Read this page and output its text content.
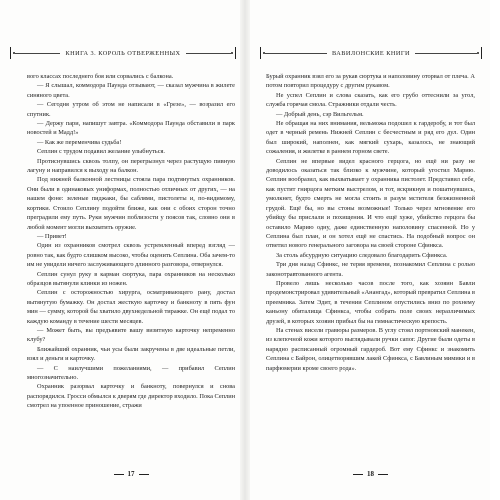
КНИГА 3. КОРОЛЬ ОТВЕРЖЕННЫХ

вого классах последнего боя или сорвались с балкона.

— Я слышал, коммодора Паунда отзывают, — сказал мужчина в жилете синяного цвета.

— Сегодня утром об этом не написали в «Грезе», — возразил его спутник.

— Держу пари, напишут завтра. «Коммодора Паунда обставили в парк новостей и Мадд!»

— Как же переменчива судьба!

Сеплин с трудом подавил желание улыбнуться.

Протиснувшись сквозь толпу, он перегрызнул через растущую пивную лагуну и направился к выходу на балкон.

Под нижней балконной лестницы стояла пара подтянутых охранников. Они были в одинаковых униформах, полностью отличных от других, — на нашем фоне: зеленые пиджаки, бы саблями, пистолеты и, по-видимому, кортики. Стоило Сеплину подойти ближе, как они с обоих сторон точно преградили ему путь. Руки мужчин поблизости у поясов так, словно они в любой момент могли выхватить оружие.

— Привет!

Один из охранников смотрел сквозь устремленный вперед взгляд — ровно так, как будто слишком высоко, чтобы оценить Сеплина. Оба зачем-то им не увидели ничего заслуживающего длинного разговора, отвернулся.

Сеплин сунул руку в карман сюртука, пара охранников на несколько образцов вытянули клинки из ножен.

Сеплин с осторожностью хирурга, осматривающего рану, достал вытянутую бумажку. Он достал жесткую карточку и банкноту в пять фун мин — сумму, которой бы хватило двухнедельной тиражке. Он ещё подал то каждую команду в течение шести месяцев.

— Может быть, вы предъявите вашу визитную карточку непременно клубу?

Ближайший охранник, чьи усы были закручены в две идеальные петли, взял и деньги и карточку.

— С наилучшими пожеланиями, — прибавил Сеплин многозначительно.

Охранник разорвал карточку и банкноту, повернулся и снова распорядился. Гросси обмылся к дверям где директор входило. Пока Сеплин смотрел на упоенное приношение, стражи

17
ВАВИЛОНСКИЕ КНИГИ

Бурый охранник взял его за рукав сюртука и наполовину оторвал от плеча. А потом повторил процедуру с другим рукавом.

Не успел Сеплин и слова сказать, как его грубо оттеснили за угол, служба горячая смола. Стражники отдали честь.

— Добрый день, сэр Вильгельм.

Не обращая на них внимания, вельможа подошел к гардеробу, и тот был одет в черный ремень Нижней Сеплин с бесчестным и ряд его дул. Один был широкий, наполнен, как мягкий сухарь, казалось, не знающий сожаления, и жилетке в раннем горном свете.

Сеплин не впервые видел красного герцога, но ещё ни разу не доводилось оказаться так близко к мужчине, который угостил Марию. Сеплин вообразил, как выхватывает у охранника пистолет. Представил себе, как пустит гнирцога метким выстрелом, и тот, вскрикнув и пошатнувшись, умолкнет, будто смерть не могла стоить в разум мстителя безжизненной грудой. Ещё бы, но вы стоны возможные! Только через мгновение его убийцу бы прислали и похищения. И что ещё хуже, убийство герцога бы оставило Марию одну, даже единственную наполовину спасенной. Но у Сеплина был план, и он хотел ещё не спастись. На подобный вопрос он ответил нового генерального заговора на своей стороне Сфинкса.

За столь абсурдную ситуацию следовало благодарить Сфинкса.

Три дня назад Сфинкс, не теряя времени, познакомил Сеплина с ролью законотравтованного агента.

Провело лишь несколько часов после того, как хозяин Бавли продемонстрировал удивительный «Анангад», который превратил Сеплина в преемника. Затем Эдит, в течении Сеплином опустились вниз по рохнему каньону обиталища Сфинкса, чтобы собрать поле своих неразличимых друзей, в которых хозяин прибыл бы на гимнастическую крепость.

На стенах висели гравюры размеров. В углу стоял портновский манекен, из клепочной кожи которого выглядывали ручки сапог. Другие были одеты в нарядно расписанный огромный гардероб. Вот ему Сфинкс и знакомить Сеплина с Байрон, олицетворявшим лакей Сфинкса, с Бавлиным мимики и в парфюмерии кроме своего рода».

18
